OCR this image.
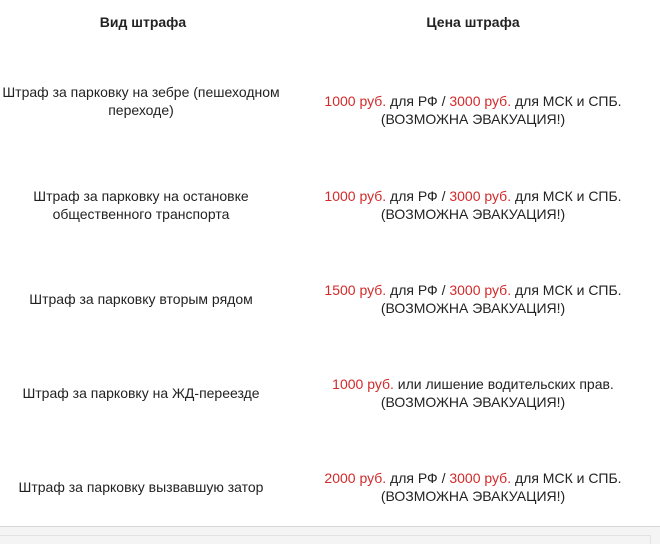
Вид штрафа	Цена штрафа
Штраф за парковку на зебре (пешеходном переходе)	1000 руб. для РФ / 3000 руб. для МСК и СПБ.
(ВОЗМОЖНА ЭВАКУАЦИЯ!)
Штраф за парковку на остановке общественного транспорта	1000 руб. для РФ / 3000 руб. для МСК и СПБ.
(ВОЗМОЖНА ЭВАКУАЦИЯ!)
Штраф за парковку вторым рядом	1500 руб. для РФ / 3000 руб. для МСК и СПБ.
(ВОЗМОЖНА ЭВАКУАЦИЯ!)
Штраф за парковку на ЖД-переезде	1000 руб. или лишение водительских прав.
(ВОЗМОЖНА ЭВАКУАЦИЯ!)
Штраф за парковку вызвавшую затор	2000 руб. для РФ / 3000 руб. для МСК и СПБ.
(ВОЗМОЖНА ЭВАКУАЦИЯ!)
